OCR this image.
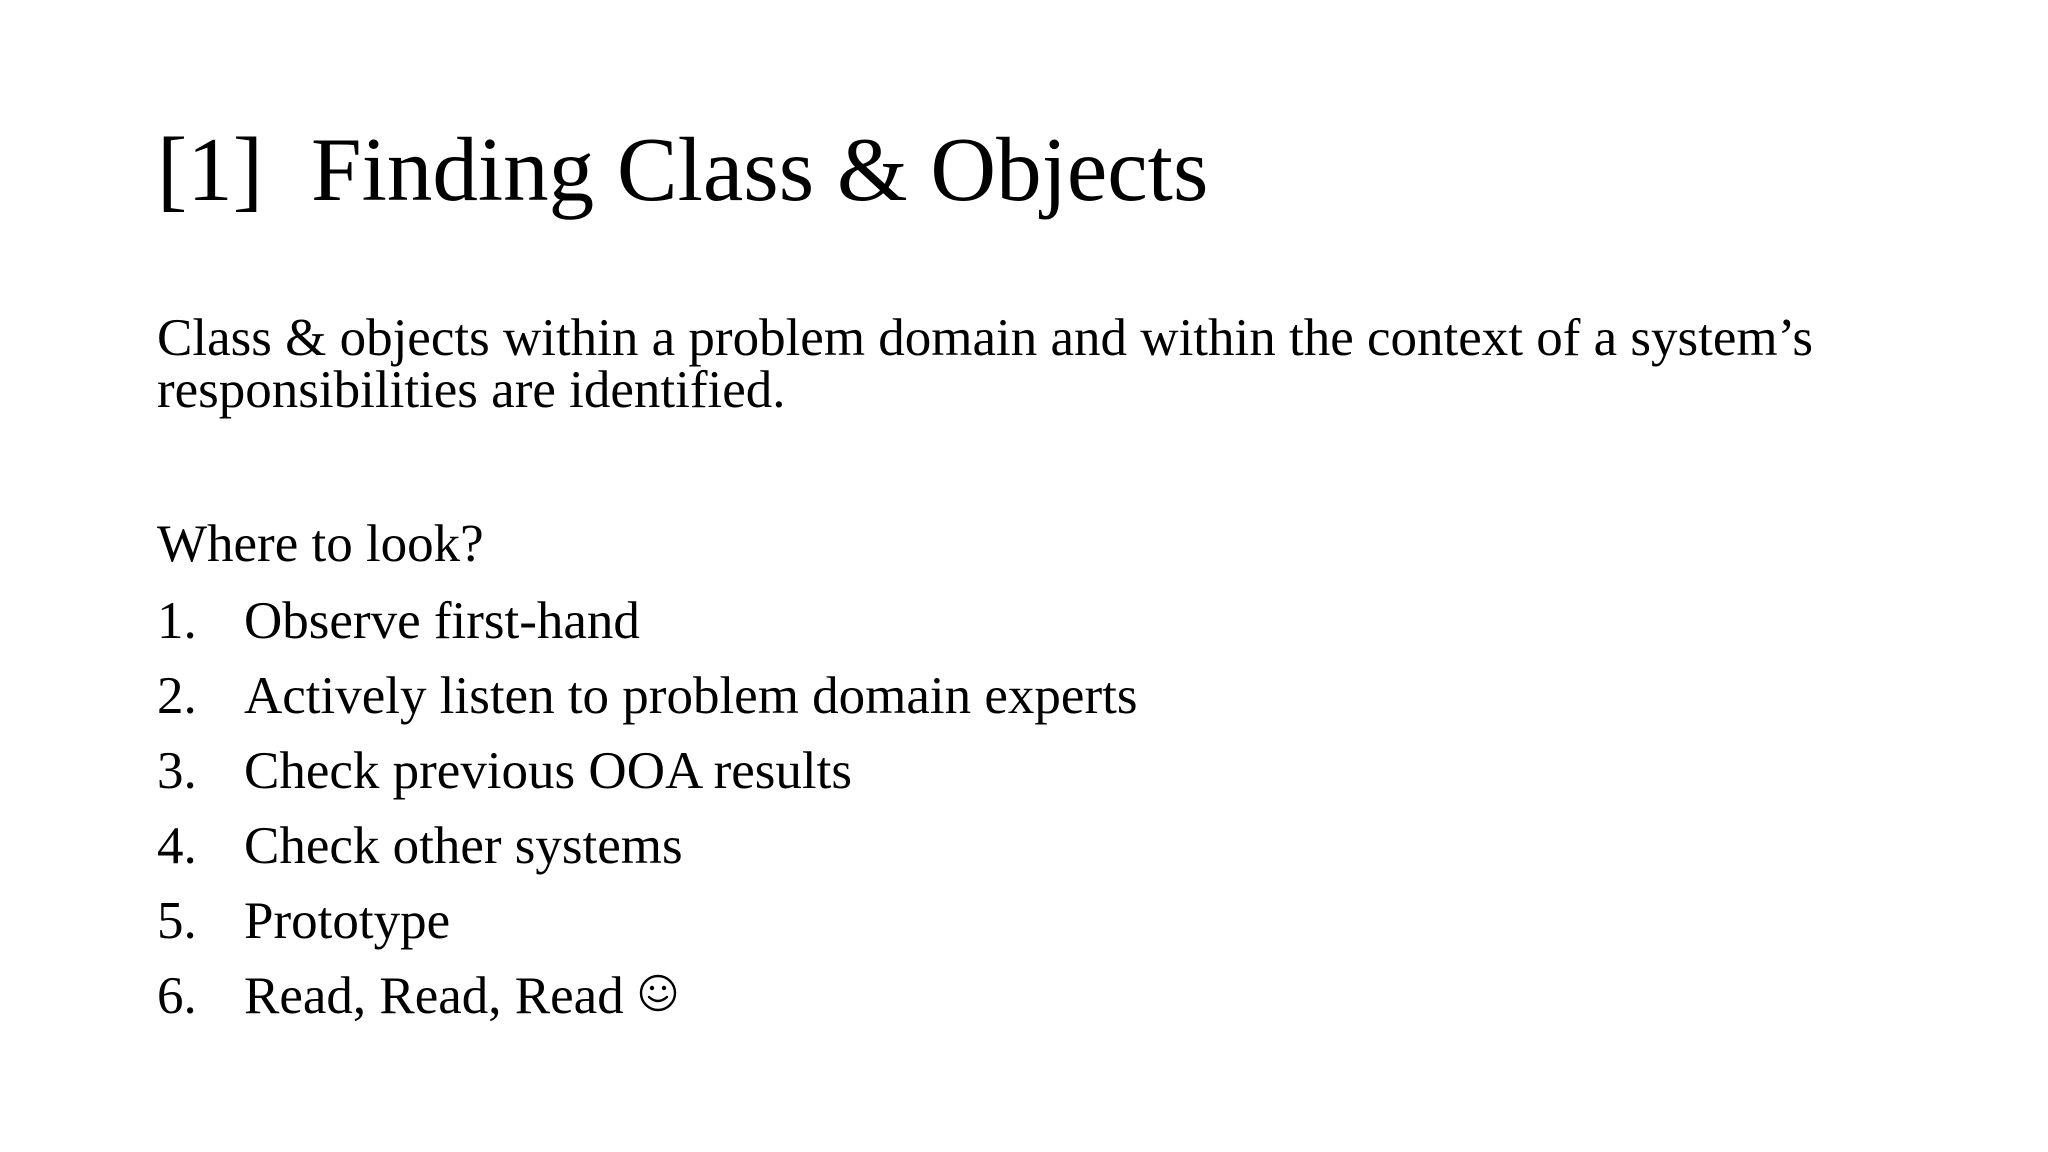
[1] Finding Class & Objects

Class & objects within a problem domain and within the context of a system’s responsibilities are identified.

Where to look?

1. Observe first-hand
2. Actively listen to problem domain experts
3. Check previous OOA results
4. Check other systems
5. Prototype
6. Read, Read, Read
